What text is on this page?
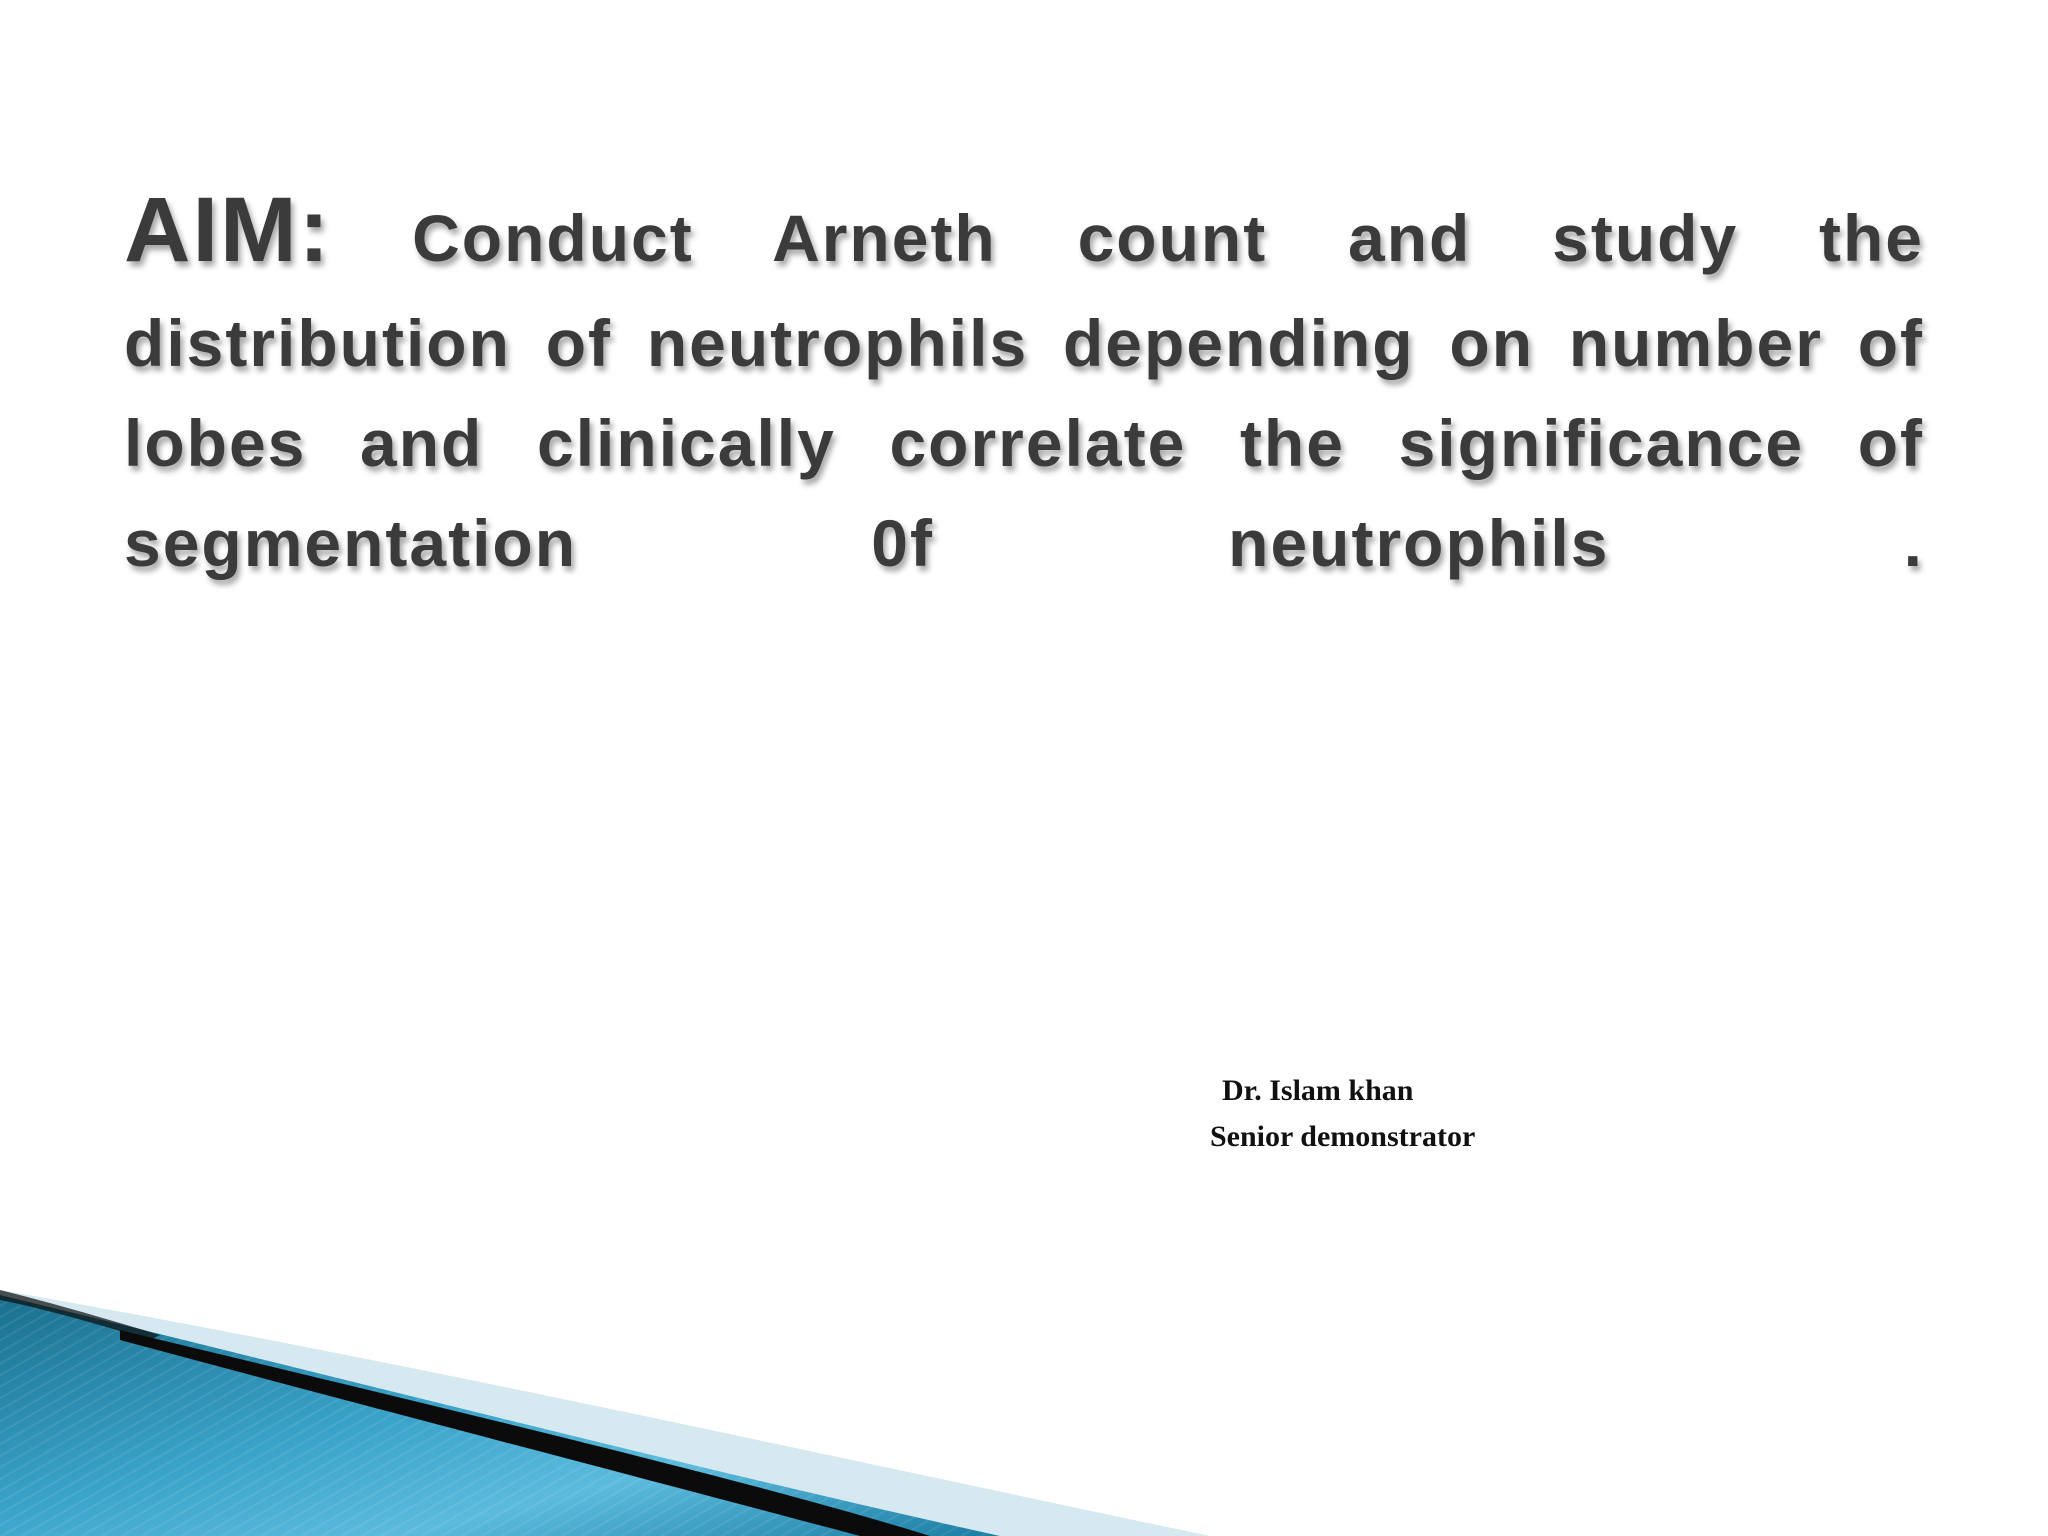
AIM: Conduct Arneth count and study the
distribution of neutrophils depending on number of
lobes and clinically correlate the significance of
segmentation 0f neutrophils .
Dr. Islam khan
Senior demonstrator
